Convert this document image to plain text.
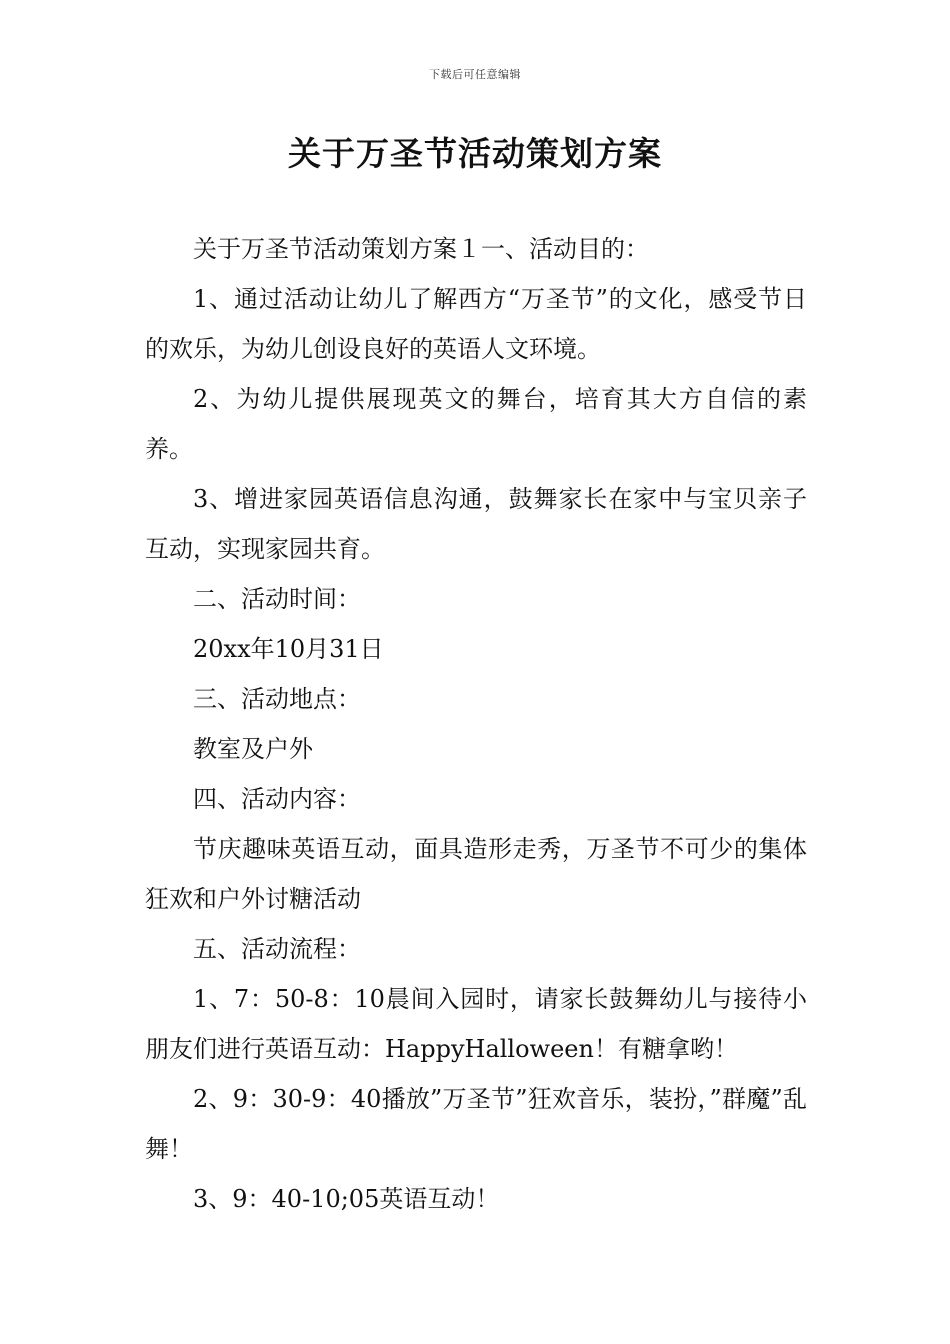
下载后可任意编辑
关于万圣节活动策划方案

关于万圣节活动策划方案１一、活动目的：

1、通过活动让幼儿了解西方“万圣节”的文化，感受节日的欢乐，为幼儿创设良好的英语人文环境。

2、为幼儿提供展现英文的舞台，培育其大方自信的素养。

3、增进家园英语信息沟通，鼓舞家长在家中与宝贝亲子互动，实现家园共育。

二、活动时间：

20xx年10月31日

三、活动地点：

教室及户外

四、活动内容：

节庆趣味英语互动，面具造形走秀，万圣节不可少的集体狂欢和户外讨糖活动

五、活动流程：

1、7：50-8：10晨间入园时，请家长鼓舞幼儿与接待小朋友们进行英语互动：HappyHalloween！有糖拿哟！

2、9：30-9：40播放”万圣节”狂欢音乐，装扮，”群魔”乱舞！

3、9：40-10;05英语互动！
